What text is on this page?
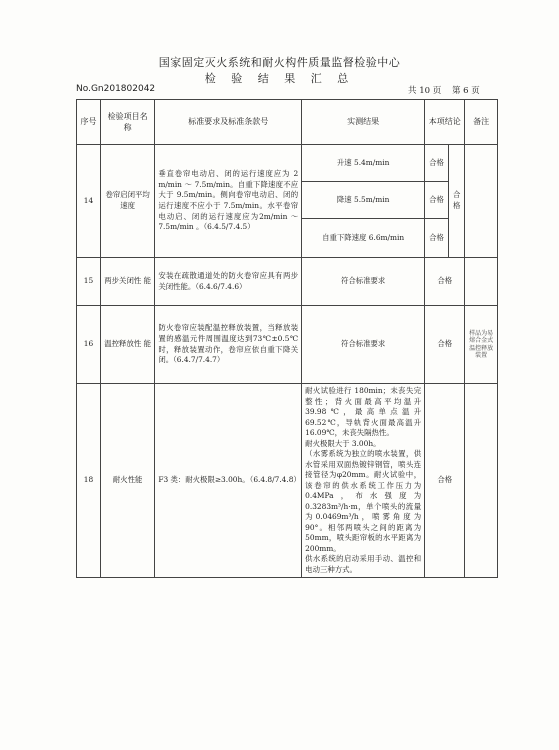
国家固定灭火系统和耐火构件质量监督检验中心
检 验 结 果 汇 总
No.Gn201802042	共 10 页 第 6 页
序号	检验项目名称	标准要求及标准条款号	实测结果	本项结论		备注
14	卷帘启闭平均速度	垂直卷帘电动启、闭的运行速度应为 2 m/min ～ 7.5m/min。自重下降速度不应大于 9.5m/min。侧向卷帘电动启、闭的运行速度不应小于 7.5m/min。水平卷帘电动启、闭的运行速度应为2m/min ～ 7.5m/min 。（6.4.5/7.4.5）	升速 5.4m/min	合格	合格	
			降速 5.5m/min	合格		
			自重下降速度 6.6m/min	合格		
15	两步关闭性 能	安装在疏散通道处的防火卷帘应具有两步关闭性能。（6.4.6/7.4.6）	符合标准要求	合格		
16	温控释放性 能	防火卷帘应装配温控释放装置，当释放装置的感温元件周围温度达到73℃±0.5℃时，释放装置动作，卷帘应依自重下降关闭。（6.4.7/7.4.7）	符合标准要求	合格		样品为易熔合金式温控释放装置
18	耐火性能	F3 类：耐火极限≥3.00h。（6.4.8/7.4.8）	耐火试验进行 180min；未丧失完整性；背火面最高平均温升 39.98℃，最高单点温升 69.52℃，导轨背火面最高温升 16.09℃，未丧失隔热性。
耐火极限大于 3.00h。
（水雾系统为独立的喷水装置，供水管采用双面热镀锌钢管，喷头连接管径为φ20mm。耐火试验中，该卷帘的供水系统工作压力为0.4MPa，布水强度为0.3283m³/h·m，单个喷头的流量为0.0469m³/h，喷雾角度为 90°。相邻两喷头之间的距离为 50mm，喷头距帘板的水平距离为200mm。
供水系统的启动采用手动、温控和电动三种方式。	合格		
